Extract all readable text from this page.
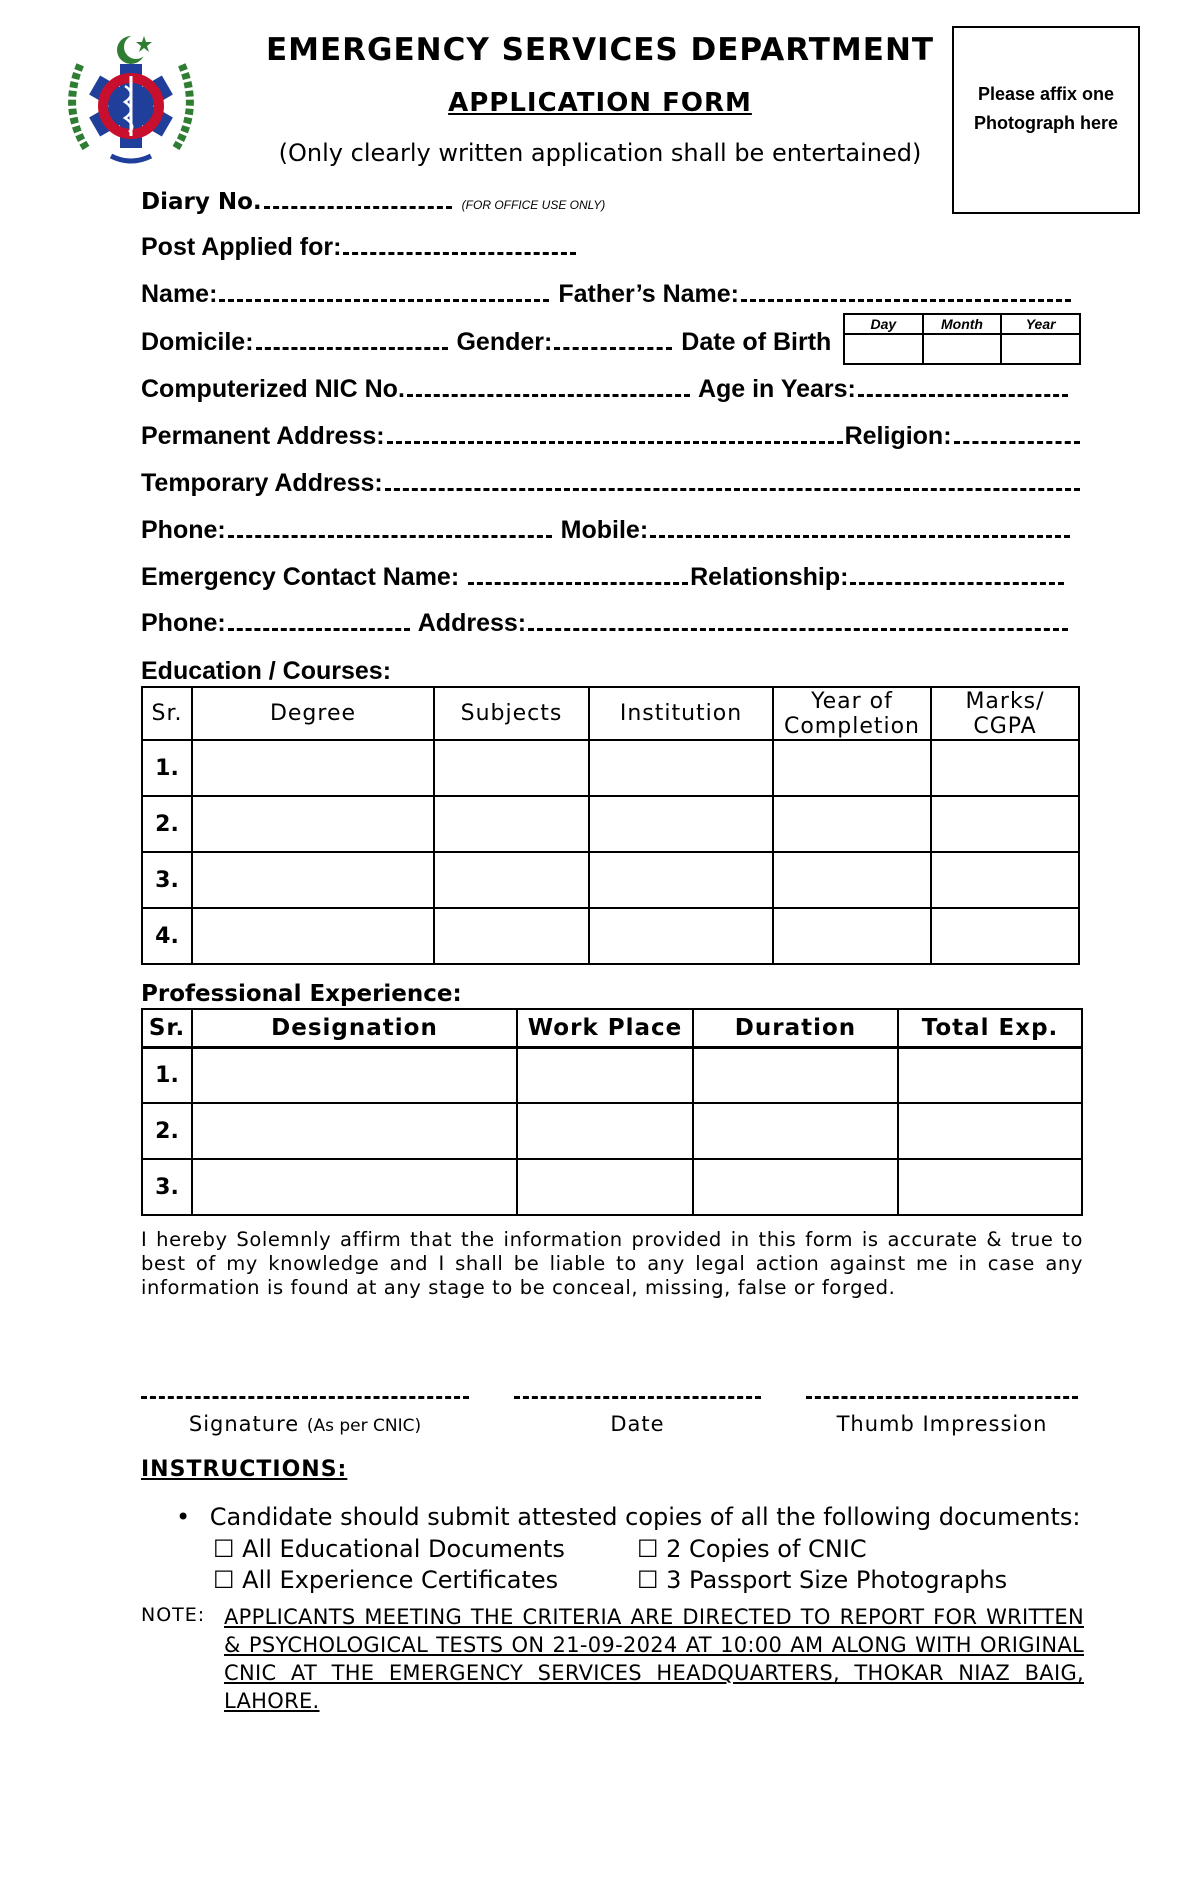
EMERGENCY SERVICES DEPARTMENT
APPLICATION FORM
(Only clearly written application shall be entertained)
Please affix one Photograph here
Diary No.	(FOR OFFICE USE ONLY)
Post Applied for:
Name:	Father’s Name:
Domicile:	Gender:	Date of Birth
Day	Month	Year

Computerized NIC No.	Age in Years:
Permanent Address:	Religion:
Temporary Address:
Phone:	Mobile:
Emergency Contact Name:	Relationship:
Phone:	Address:
Education / Courses:
Sr.	Degree	Subjects	Institution	Year of Completion	Marks/ CGPA
1.					
2.					
3.					
4.					
Professional Experience:
Sr.	Designation	Work Place	Duration	Total Exp.
1.				
2.				
3.				
I hereby Solemnly affirm that the information provided in this form is accurate & true to best of my knowledge and I shall be liable to any legal action against me in case any information is found at any stage to be conceal, missing, false or forged.
Signature (As per CNIC)	Date	Thumb Impression
INSTRUCTIONS:
• Candidate should submit attested copies of all the following documents:
☐ All Educational Documents	☐ 2 Copies of CNIC
☐ All Experience Certificates	☐ 3 Passport Size Photographs
NOTE: APPLICANTS MEETING THE CRITERIA ARE DIRECTED TO REPORT FOR WRITTEN & PSYCHOLOGICAL TESTS ON 21-09-2024 AT 10:00 AM ALONG WITH ORIGINAL CNIC AT THE EMERGENCY SERVICES HEADQUARTERS, THOKAR NIAZ BAIG, LAHORE.
